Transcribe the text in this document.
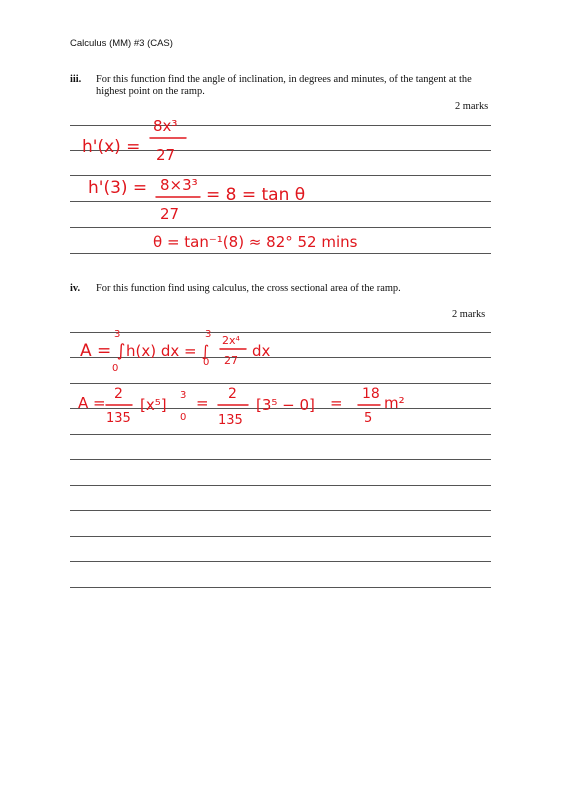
Calculus (MM) #3 (CAS)
iii. For this function find the angle of inclination, in degrees and minutes, of the tangent at the highest point on the ramp.
2 marks
iv. For this function find using calculus, the cross sectional area of the ramp.
2 marks
h'(x) =
8x³
27
h'(3) = 8×3³
27
= 8 = tan θ
θ = tan⁻¹(8) ≈ 82° 52 mins
A = ∫
3
0
h(x) dx = ∫
3
0
2x⁴
27
dx
A = 2
135
[x⁵]
3
0
= 2
135
[3⁵ − 0] = 18
5
m²
